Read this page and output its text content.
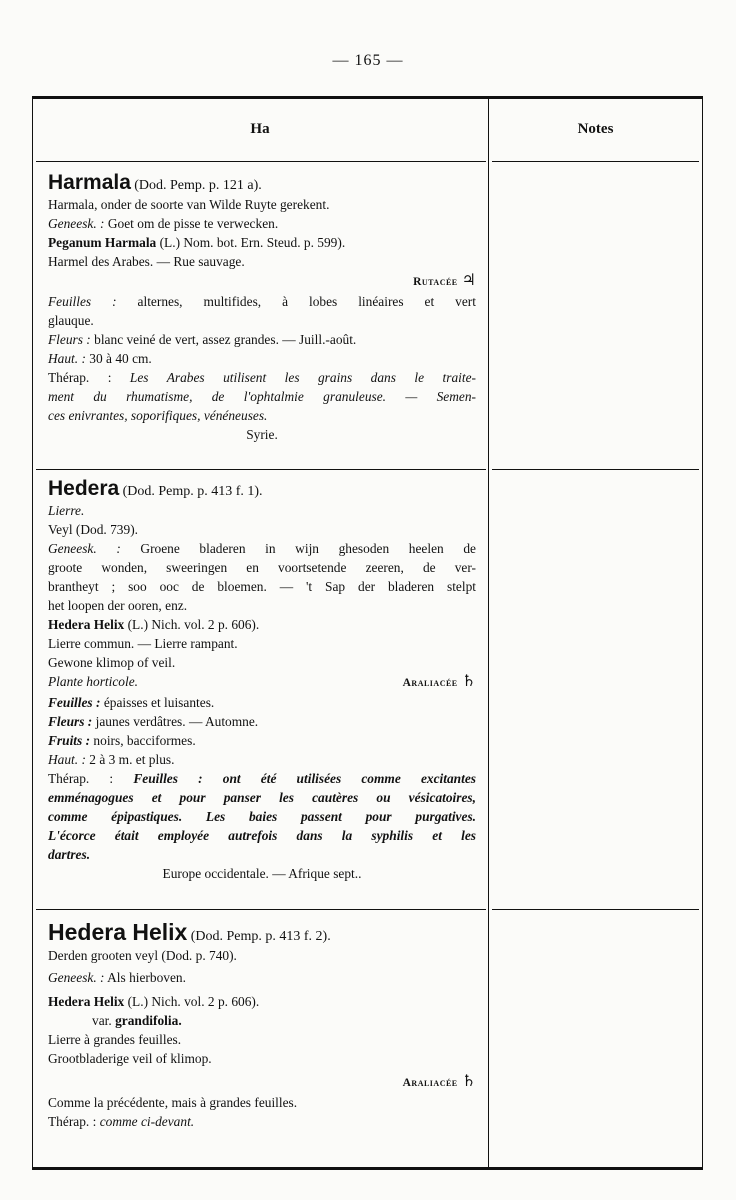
— 165 —
Ha	Notes
Harmala (Dod. Pemp. p. 121 a).
Harmala, onder de soorte van Wilde Ruyte gerekent.
Geneesk. : Goet om de pisse te verwecken.
Peganum Harmala (L.) Nom. bot. Ern. Steud. p. 599).
Harmel des Arabes. — Rue sauvage.
Rutacée ♃
Feuilles : alternes, multifides, à lobes linéaires et vert
glauque.
Fleurs : blanc veiné de vert, assez grandes. — Juill.-août.
Haut. : 30 à 40 cm.
Thérap. : Les Arabes utilisent les grains dans le traite-
ment du rhumatisme, de l'ophtalmie granuleuse. — Semen-
ces enivrantes, soporifiques, vénéneuses.
Syrie.
Hedera (Dod. Pemp. p. 413 f. 1).
Lierre.
Veyl (Dod. 739).
Geneesk. : Groene bladeren in wijn ghesoden heelen de
groote wonden, sweeringen en voortsetende zeeren, de ver-
brantheyt ; soo ooc de bloemen. — 't Sap der bladeren stelpt
het loopen der ooren, enz.
Hedera Helix (L.) Nich. vol. 2 p. 606).
Lierre commun. — Lierre rampant.
Gewone klimop of veil.
Plante horticole.	Araliacée ♄
Feuilles : épaisses et luisantes.
Fleurs : jaunes verdâtres. — Automne.
Fruits : noirs, bacciformes.
Haut. : 2 à 3 m. et plus.
Thérap. : Feuilles : ont été utilisées comme excitantes
emménagogues et pour panser les cautères ou vésicatoires,
comme épipastiques. Les baies passent pour purgatives.
L'écorce était employée autrefois dans la syphilis et les
dartres.
Europe occidentale. — Afrique sept..
Hedera Helix (Dod. Pemp. p. 413 f. 2).
Derden grooten veyl (Dod. p. 740).
Geneesk. : Als hierboven.
Hedera Helix (L.) Nich. vol. 2 p. 606).
var. grandifolia.
Lierre à grandes feuilles.
Grootbladerige veil of klimop.
Araliacée ♄
Comme la précédente, mais à grandes feuilles.
Thérap. : comme ci-devant.
